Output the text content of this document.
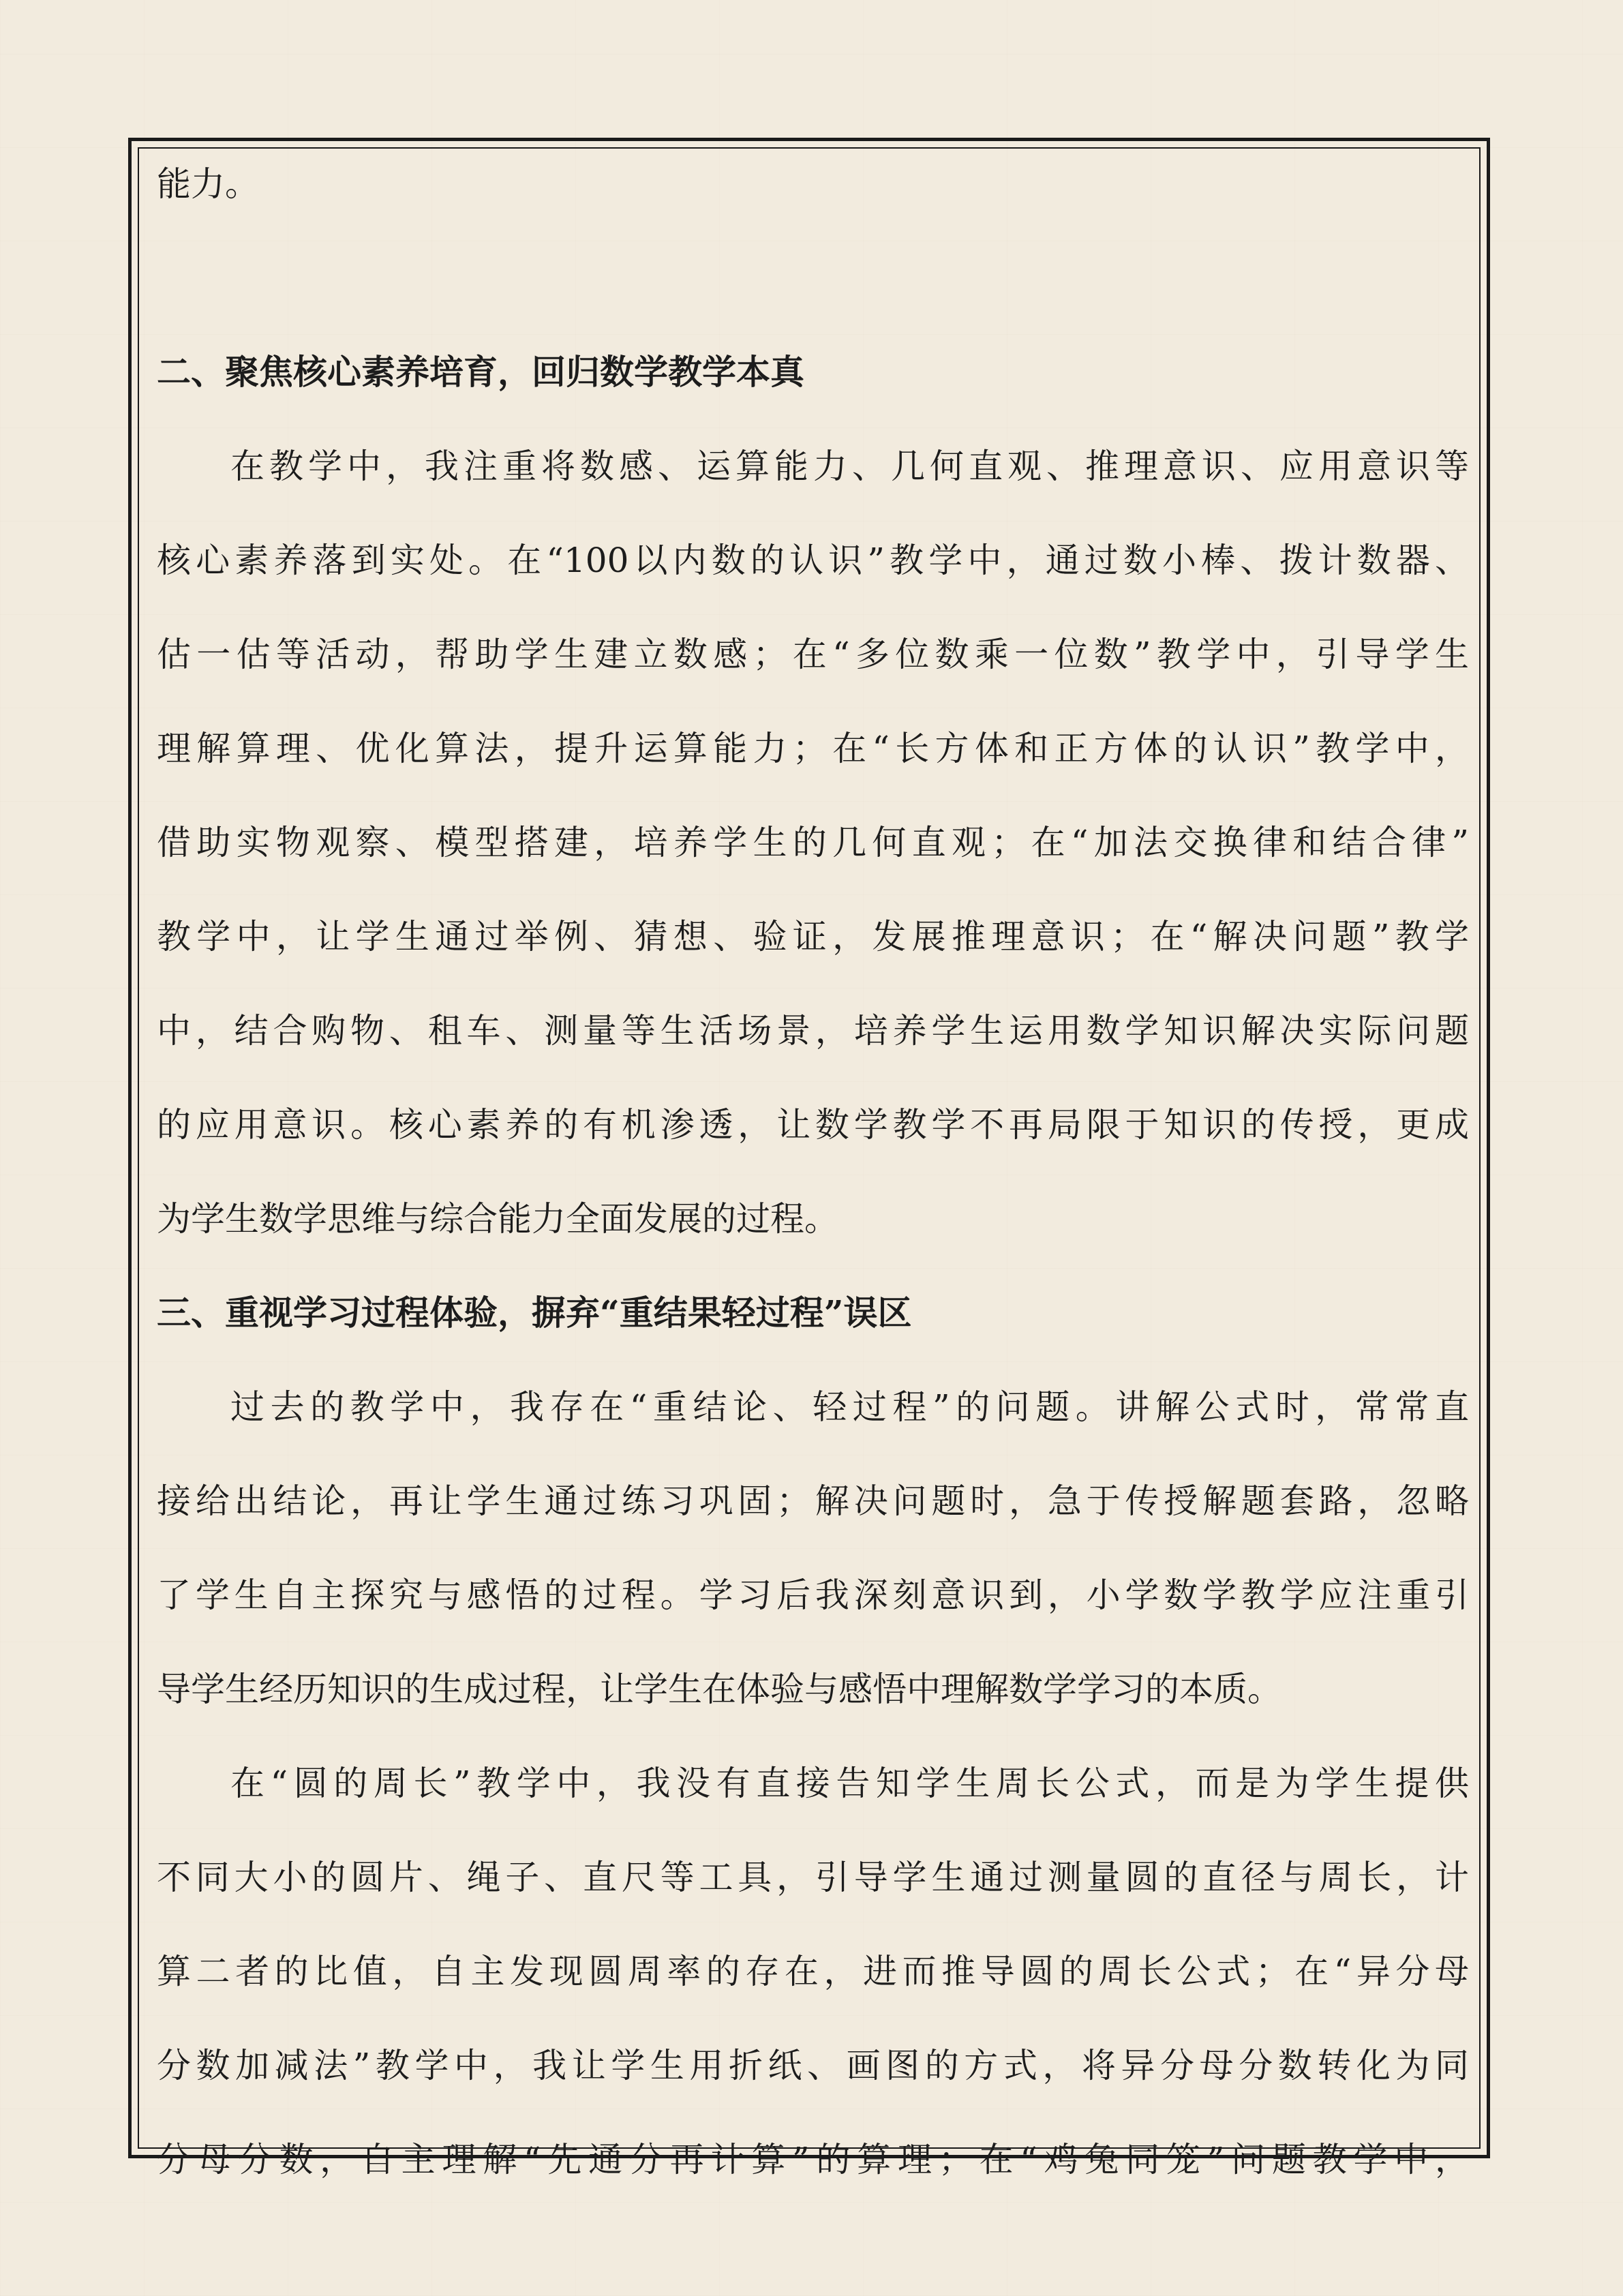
能力。
二、聚焦核心素养培育，回归数学教学本真
在教学中，我注重将数感、运算能力、几何直观、推理意识、应用意识等
核心素养落到实处。在“100以内数的认识”教学中，通过数小棒、拨计数器、
估一估等活动，帮助学生建立数感；在“多位数乘一位数”教学中，引导学生
理解算理、优化算法，提升运算能力；在“长方体和正方体的认识”教学中，
借助实物观察、模型搭建，培养学生的几何直观；在“加法交换律和结合律”
教学中，让学生通过举例、猜想、验证，发展推理意识；在“解决问题”教学
中，结合购物、租车、测量等生活场景，培养学生运用数学知识解决实际问题
的应用意识。核心素养的有机渗透，让数学教学不再局限于知识的传授，更成
为学生数学思维与综合能力全面发展的过程。
三、重视学习过程体验，摒弃“重结果轻过程”误区
过去的教学中，我存在“重结论、轻过程”的问题。讲解公式时，常常直
接给出结论，再让学生通过练习巩固；解决问题时，急于传授解题套路，忽略
了学生自主探究与感悟的过程。学习后我深刻意识到，小学数学教学应注重引
导学生经历知识的生成过程，让学生在体验与感悟中理解数学学习的本质。
在“圆的周长”教学中，我没有直接告知学生周长公式，而是为学生提供
不同大小的圆片、绳子、直尺等工具，引导学生通过测量圆的直径与周长，计
算二者的比值，自主发现圆周率的存在，进而推导圆的周长公式；在“异分母
分数加减法”教学中，我让学生用折纸、画图的方式，将异分母分数转化为同
分母分数，自主理解“先通分再计算”的算理；在“鸡兔同笼”问题教学中，
